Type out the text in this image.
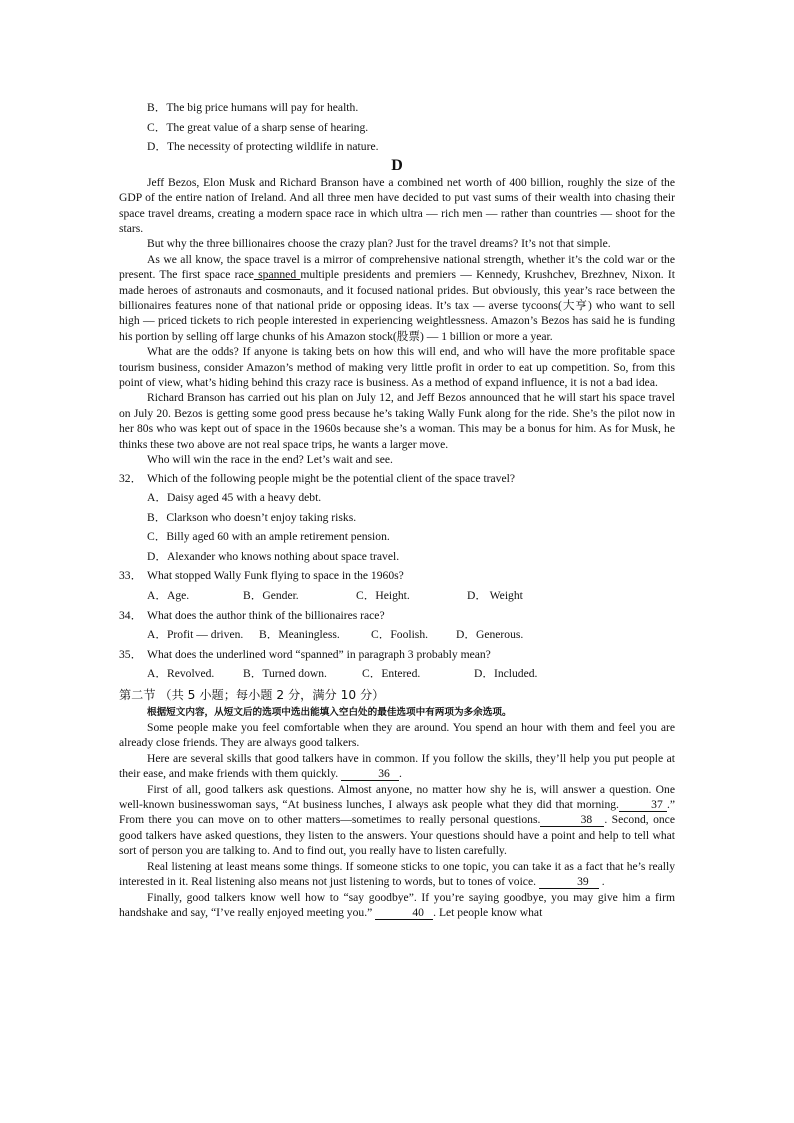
B．The big price humans will pay for health.

C．The great value of a sharp sense of hearing.

D．The necessity of protecting wildlife in nature.

D

Jeff Bezos, Elon Musk and Richard Branson have a combined net worth of 400 billion, roughly the size of the GDP of the entire nation of Ireland. And all three men have decided to put vast sums of their wealth into chasing their space travel dreams, creating a modern space race in which ultra — rich men — rather than countries — shoot for the stars.

But why the three billionaires choose the crazy plan? Just for the travel dreams? It’s not that simple.

As we all know, the space travel is a mirror of comprehensive national strength, whether it’s the cold war or the present. The first space race spanned multiple presidents and premiers — Kennedy, Krushchev, Brezhnev, Nixon. It made heroes of astronauts and cosmonauts, and it focused national prides. But obviously, this year’s race between the billionaires features none of that national pride or opposing ideas. It’s tax — averse tycoons(大亨) who want to sell high — priced tickets to rich people interested in experiencing weightlessness. Amazon’s Bezos has said he is funding his portion by selling off large chunks of his Amazon stock(股票) — 1 billion or more a year.

What are the odds? If anyone is taking bets on how this will end, and who will have the more profitable space tourism business, consider Amazon’s method of making very little profit in order to eat up competition. So, from this point of view, what’s hiding behind this crazy race is business. As a method of expand influence, it is not a bad idea.

Richard Branson has carried out his plan on July 12, and Jeff Bezos announced that he will start his space travel on July 20. Bezos is getting some good press because he’s taking Wally Funk along for the ride. She’s the pilot now in her 80s who was kept out of space in the 1960s because she’s a woman. This may be a bonus for him. As for Musk, he thinks these two above are not real space trips, he wants a larger move.

Who will win the race in the end? Let’s wait and see.

32． Which of the following people might be the potential client of the space travel?

A．Daisy aged 45 with a heavy debt.

B．Clarkson who doesn’t enjoy taking risks.

C．Billy aged 60 with an ample retirement pension.

D．Alexander who knows nothing about space travel.

33． What stopped Wally Funk flying to space in the 1960s?

A．Age.	B．Gender.	C．Height.	D． Weight

34． What does the author think of the billionaires race?

A．Profit — driven.	B．Meaningless.	C．Foolish.	D．Generous.

35． What does the underlined word “spanned” in paragraph 3 probably mean?

A．Revolved.	B．Turned down.	C．Entered.	D．Included.

第二节 （共 5 小题；每小题 2 分，满分 10 分）

根据短文内容，从短文后的选项中选出能填入空白处的最佳选项中有两项为多余选项。

Some people make you feel comfortable when they are around. You spend an hour with them and feel you are already close friends. They are always good talkers.

Here are several skills that good talkers have in common. If you follow the skills, they’ll help you put people at their ease, and make friends with them quickly.	36 .

First of all, good talkers ask questions. Almost anyone, no matter how shy he is, will answer a question. One well-known businesswoman says, “At business lunches, I always ask people what they did that morning.	37 .” From there you can move on to other matters—sometimes to really personal questions.	38 . Second, once good talkers have asked questions, they listen to the answers. Your questions should have a point and help to tell what sort of person you are talking to. And to find out, you really have to listen carefully.

Real listening at least means some things. If someone sticks to one topic, you can take it as a fact that he’s really interested in it. Real listening also means not just listening to words, but to tones of voice.	39 .

Finally, good talkers know well how to “say goodbye”. If you’re saying goodbye, you may give him a firm handshake and say, “I’ve really enjoyed meeting you.”	40 . Let people know what
